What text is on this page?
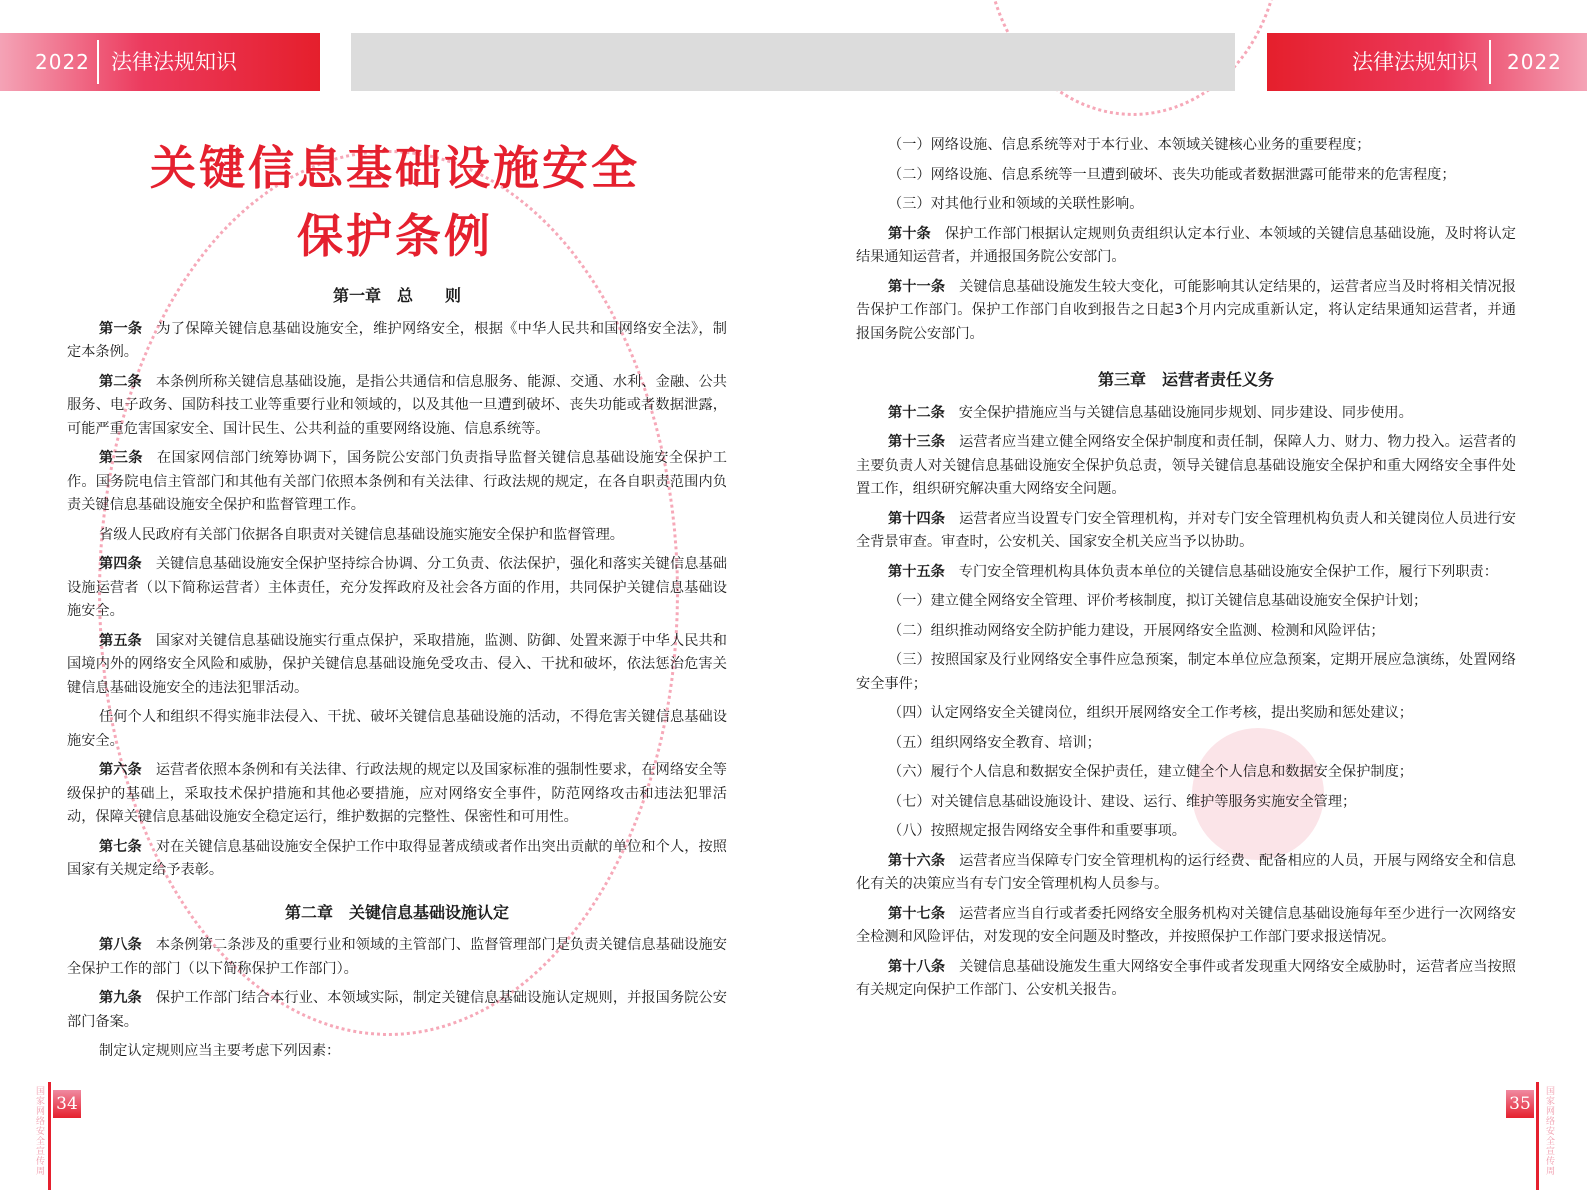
2022 法律法规知识	法律法规知识 2022
关键信息基础设施安全
保护条例
第一章　总　　则

第一条 为了保障关键信息基础设施安全，维护网络安全，根据《中华人民共和国网络安全法》，制定本条例。

第二条 本条例所称关键信息基础设施，是指公共通信和信息服务、能源、交通、水利、金融、公共服务、电子政务、国防科技工业等重要行业和领域的，以及其他一旦遭到破坏、丧失功能或者数据泄露，可能严重危害国家安全、国计民生、公共利益的重要网络设施、信息系统等。

第三条 在国家网信部门统筹协调下，国务院公安部门负责指导监督关键信息基础设施安全保护工作。国务院电信主管部门和其他有关部门依照本条例和有关法律、行政法规的规定，在各自职责范围内负责关键信息基础设施安全保护和监督管理工作。

省级人民政府有关部门依据各自职责对关键信息基础设施实施安全保护和监督管理。

第四条 关键信息基础设施安全保护坚持综合协调、分工负责、依法保护，强化和落实关键信息基础设施运营者（以下简称运营者）主体责任，充分发挥政府及社会各方面的作用，共同保护关键信息基础设施安全。

第五条 国家对关键信息基础设施实行重点保护，采取措施，监测、防御、处置来源于中华人民共和国境内外的网络安全风险和威胁，保护关键信息基础设施免受攻击、侵入、干扰和破坏，依法惩治危害关键信息基础设施安全的违法犯罪活动。

任何个人和组织不得实施非法侵入、干扰、破坏关键信息基础设施的活动，不得危害关键信息基础设施安全。

第六条 运营者依照本条例和有关法律、行政法规的规定以及国家标准的强制性要求，在网络安全等级保护的基础上，采取技术保护措施和其他必要措施，应对网络安全事件，防范网络攻击和违法犯罪活动，保障关键信息基础设施安全稳定运行，维护数据的完整性、保密性和可用性。

第七条 对在关键信息基础设施安全保护工作中取得显著成绩或者作出突出贡献的单位和个人，按照国家有关规定给予表彰。

第二章　关键信息基础设施认定

第八条 本条例第二条涉及的重要行业和领域的主管部门、监督管理部门是负责关键信息基础设施安全保护工作的部门（以下简称保护工作部门）。

第九条 保护工作部门结合本行业、本领域实际，制定关键信息基础设施认定规则，并报国务院公安部门备案。

制定认定规则应当主要考虑下列因素：

（一）网络设施、信息系统等对于本行业、本领域关键核心业务的重要程度；
（二）网络设施、信息系统等一旦遭到破坏、丧失功能或者数据泄露可能带来的危害程度；
（三）对其他行业和领域的关联性影响。

第十条 保护工作部门根据认定规则负责组织认定本行业、本领域的关键信息基础设施，及时将认定结果通知运营者，并通报国务院公安部门。

第十一条 关键信息基础设施发生较大变化，可能影响其认定结果的，运营者应当及时将相关情况报告保护工作部门。保护工作部门自收到报告之日起3个月内完成重新认定，将认定结果通知运营者，并通报国务院公安部门。

第三章　运营者责任义务

第十二条 安全保护措施应当与关键信息基础设施同步规划、同步建设、同步使用。

第十三条 运营者应当建立健全网络安全保护制度和责任制，保障人力、财力、物力投入。运营者的主要负责人对关键信息基础设施安全保护负总责，领导关键信息基础设施安全保护和重大网络安全事件处置工作，组织研究解决重大网络安全问题。

第十四条 运营者应当设置专门安全管理机构，并对专门安全管理机构负责人和关键岗位人员进行安全背景审查。审查时，公安机关、国家安全机关应当予以协助。

第十五条 专门安全管理机构具体负责本单位的关键信息基础设施安全保护工作，履行下列职责：

（一）建立健全网络安全管理、评价考核制度，拟订关键信息基础设施安全保护计划；
（二）组织推动网络安全防护能力建设，开展网络安全监测、检测和风险评估；

（三）按照国家及行业网络安全事件应急预案，制定本单位应急预案，定期开展应急演练，处置网络安全事件；

（四）认定网络安全关键岗位，组织开展网络安全工作考核，提出奖励和惩处建议；
（五）组织网络安全教育、培训；
（六）履行个人信息和数据安全保护责任，建立健全个人信息和数据安全保护制度；
（七）对关键信息基础设施设计、建设、运行、维护等服务实施安全管理；
（八）按照规定报告网络安全事件和重要事项。

第十六条 运营者应当保障专门安全管理机构的运行经费、配备相应的人员，开展与网络安全和信息化有关的决策应当有专门安全管理机构人员参与。

第十七条 运营者应当自行或者委托网络安全服务机构对关键信息基础设施每年至少进行一次网络安全检测和风险评估，对发现的安全问题及时整改，并按照保护工作部门要求报送情况。

第十八条 关键信息基础设施发生重大网络安全事件或者发现重大网络安全威胁时，运营者应当按照有关规定向保护工作部门、公安机关报告。

国家网络安全宣传周 34	35	国家网络安全宣传周
